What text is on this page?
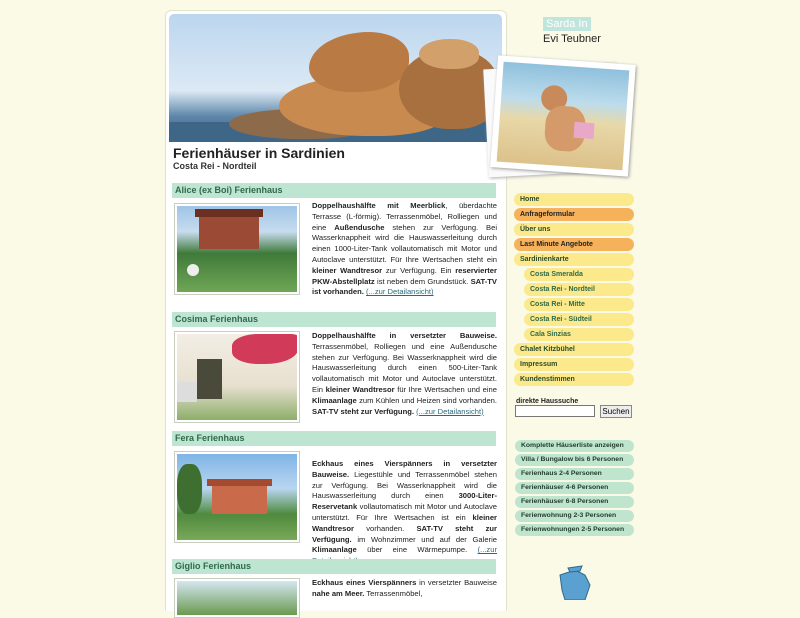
Ferienhäuser in Sardinien
Costa Rei - Nordteil
Alice (ex Boi) Ferienhaus

Doppelhaushälfte mit Meerblick, überdachte Terrasse (L-förmig). Terrassenmöbel, Rolliegen und eine Außendusche stehen zur Verfügung. Bei Wasserknappheit wird die Hauswasserleitung durch einen 1000-Liter-Tank vollautomatisch mit Motor und Autoclave unterstützt. Für Ihre Wertsachen steht ein kleiner Wandtresor zur Verfügung. Ein reservierter PKW-Abstellplatz ist neben dem Grundstück. SAT-TV ist vorhanden. (...zur Detailansicht)

Cosima Ferienhaus

Doppelhaushälfte in versetzter Bauweise. Terrassenmöbel, Rolliegen und eine Außendusche stehen zur Verfügung. Bei Wasserknappheit wird die Hauswasserleitung durch einen 500-Liter-Tank vollautomatisch mit Motor und Autoclave unterstützt. Ein kleiner Wandtresor für Ihre Wertsachen und eine Klimaanlage zum Kühlen und Heizen sind vorhanden. SAT-TV steht zur Verfügung. (...zur Detailansicht)

Fera Ferienhaus

Eckhaus eines Vierspänners in versetzter Bauweise. Liegestühle und Terrassenmöbel stehen zur Verfügung. Bei Wasserknappheit wird die Hauswasserleitung durch einen 3000-Liter-Reservetank vollautomatisch mit Motor und Autoclave unterstützt. Für Ihre Wertsachen ist ein kleiner Wandtresor vorhanden. SAT-TV steht zur Verfügung. im Wohnzimmer und auf der Galerie Klimaanlage über eine Wärmepumpe. (...zur

Giglio Ferienhaus

Eckhaus eines Vierspänners in versetzter Bauweise nahe am Meer. Terrassenmöbel,

Sarda In
Evi Teubner
Home
Anfrageformular
Über uns
Last Minute Angebote
Sardinienkarte
Costa Smeralda
Costa Rei - Nordteil
Costa Rei - Mitte
Costa Rei - Südteil
Cala Sinzias
Chalet Kitzbühel
Impressum
Kundenstimmen
direkte Haussuche
Suchen
Komplette Häuserliste anzeigen
Villa / Bungalow bis 6 Personen
Ferienhaus 2-4 Personen
Ferienhäuser 4-6 Personen
Ferienhäuser 6-8 Personen
Ferienwohnung 2-3 Personen
Ferienwohnungen 2-5 Personen
